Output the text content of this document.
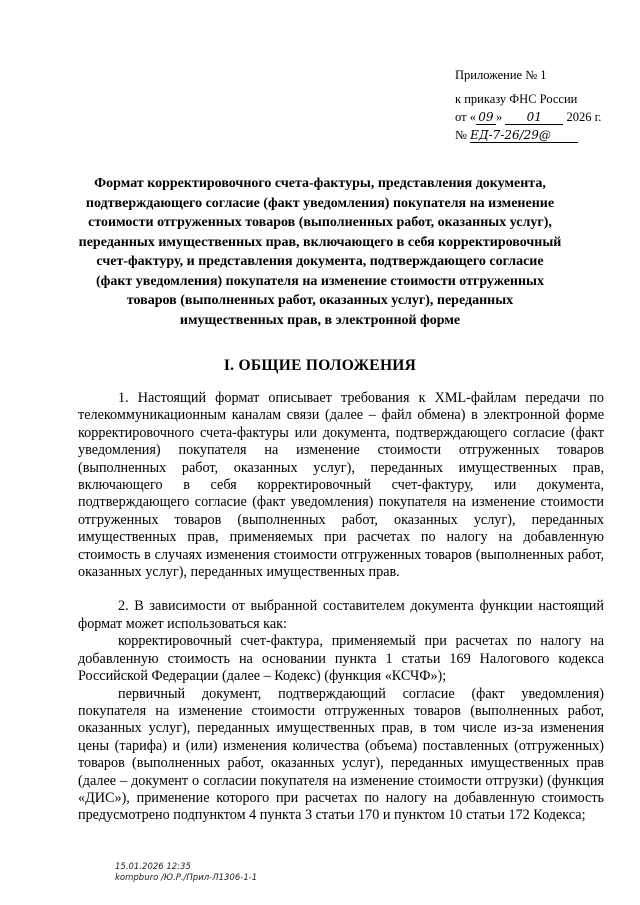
Приложение № 1
к приказу ФНС России
от « 09 » 01 2026 г.
№ ЕД-7-26/29@
Формат корректировочного счета-фактуры, представления документа, подтверждающего согласие (факт уведомления) покупателя на изменение стоимости отгруженных товаров (выполненных работ, оказанных услуг), переданных имущественных прав, включающего в себя корректировочный счет-фактуру, и представления документа, подтверждающего согласие (факт уведомления) покупателя на изменение стоимости отгруженных товаров (выполненных работ, оказанных услуг), переданных имущественных прав, в электронной форме
I. ОБЩИЕ ПОЛОЖЕНИЯ

1. Настоящий формат описывает требования к XML-файлам передачи по телекоммуникационным каналам связи (далее – файл обмена) в электронной форме корректировочного счета-фактуры или документа, подтверждающего согласие (факт уведомления) покупателя на изменение стоимости отгруженных товаров (выполненных работ, оказанных услуг), переданных имущественных прав, включающего в себя корректировочный счет-фактуру, или документа, подтверждающего согласие (факт уведомления) покупателя на изменение стоимости отгруженных товаров (выполненных работ, оказанных услуг), переданных имущественных прав, применяемых при расчетах по налогу на добавленную стоимость в случаях изменения стоимости отгруженных товаров (выполненных работ, оказанных услуг), переданных имущественных прав.

2. В зависимости от выбранной составителем документа функции настоящий формат может использоваться как:

корректировочный счет-фактура, применяемый при расчетах по налогу на добавленную стоимость на основании пункта 1 статьи 169 Налогового кодекса Российской Федерации (далее – Кодекс) (функция «КСЧФ»);

первичный документ, подтверждающий согласие (факт уведомления) покупателя на изменение стоимости отгруженных товаров (выполненных работ, оказанных услуг), переданных имущественных прав, в том числе из-за изменения цены (тарифа) и (или) изменения количества (объема) поставленных (отгруженных) товаров (выполненных работ, оказанных услуг), переданных имущественных прав (далее – документ о согласии покупателя на изменение стоимости отгрузки) (функция «ДИС»), применение которого при расчетах по налогу на добавленную стоимость предусмотрено подпунктом 4 пункта 3 статьи 170 и пунктом 10 статьи 172 Кодекса;

15.01.2026 12:35
kompburo /Ю.Р./Прил-Л1306-1-1
